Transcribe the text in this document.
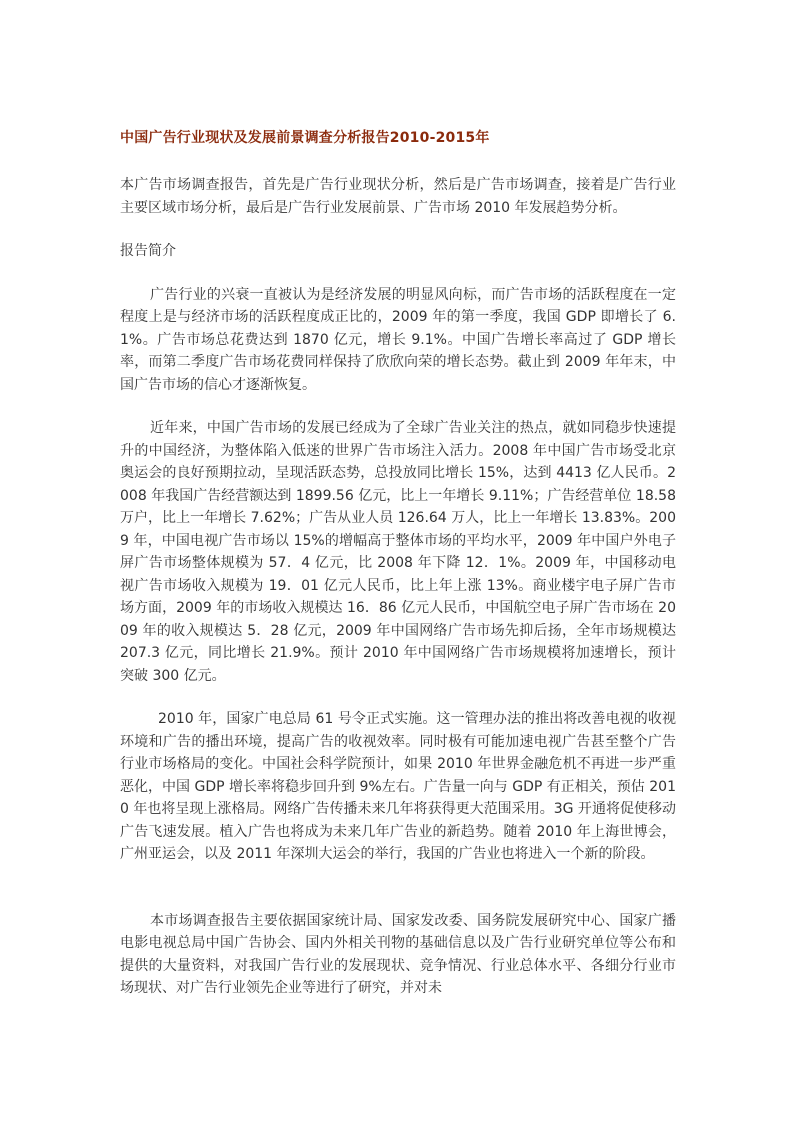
中国广告行业现状及发展前景调查分析报告2010-2015年
本广告市场调查报告，首先是广告行业现状分析，然后是广告市场调查，接着是广告行业主要区域市场分析，最后是广告行业发展前景、广告市场 2010 年发展趋势分析。
报告简介
广告行业的兴衰一直被认为是经济发展的明显风向标，而广告市场的活跃程度在一定程度上是与经济市场的活跃程度成正比的，2009 年的第一季度，我国 GDP 即增长了 6.1%。广告市场总花费达到 1870 亿元，增长 9.1%。中国广告增长率高过了 GDP 增长率，而第二季度广告市场花费同样保持了欣欣向荣的增长态势。截止到 2009 年年末，中国广告市场的信心才逐渐恢复。
近年来，中国广告市场的发展已经成为了全球广告业关注的热点，就如同稳步快速提升的中国经济，为整体陷入低迷的世界广告市场注入活力。2008 年中国广告市场受北京奥运会的良好预期拉动，呈现活跃态势，总投放同比增长 15%，达到 4413 亿人民币。2008 年我国广告经营额达到 1899.56 亿元，比上一年增长 9.11%；广告经营单位 18.58 万户，比上一年增长 7.62%；广告从业人员 126.64 万人，比上一年增长 13.83%。2009 年，中国电视广告市场以 15%的增幅高于整体市场的平均水平，2009 年中国户外电子屏广告市场整体规模为 57．4 亿元，比 2008 年下降 12．1%。2009 年，中国移动电视广告市场收入规模为 19．01 亿元人民币，比上年上涨 13%。商业楼宇电子屏广告市场方面，2009 年的市场收入规模达 16．86 亿元人民币，中国航空电子屏广告市场在 2009 年的收入规模达 5．28 亿元，2009 年中国网络广告市场先抑后扬，全年市场规模达 207.3 亿元，同比增长 21.9%。预计 2010 年中国网络广告市场规模将加速增长，预计突破 300 亿元。
2010 年，国家广电总局 61 号令正式实施。这一管理办法的推出将改善电视的收视环境和广告的播出环境，提高广告的收视效率。同时极有可能加速电视广告甚至整个广告行业市场格局的变化。中国社会科学院预计，如果 2010 年世界金融危机不再进一步严重恶化，中国 GDP 增长率将稳步回升到 9%左右。广告量一向与 GDP 有正相关，预估 2010 年也将呈现上涨格局。网络广告传播未来几年将获得更大范围采用。3G 开通将促使移动广告飞速发展。植入广告也将成为未来几年广告业的新趋势。随着 2010 年上海世博会，广州亚运会，以及 2011 年深圳大运会的举行，我国的广告业也将进入一个新的阶段。
本市场调查报告主要依据国家统计局、国家发改委、国务院发展研究中心、国家广播电影电视总局中国广告协会、国内外相关刊物的基础信息以及广告行业研究单位等公布和提供的大量资料，对我国广告行业的发展现状、竞争情况、行业总体水平、各细分行业市场现状、对广告行业领先企业等进行了研究，并对未
